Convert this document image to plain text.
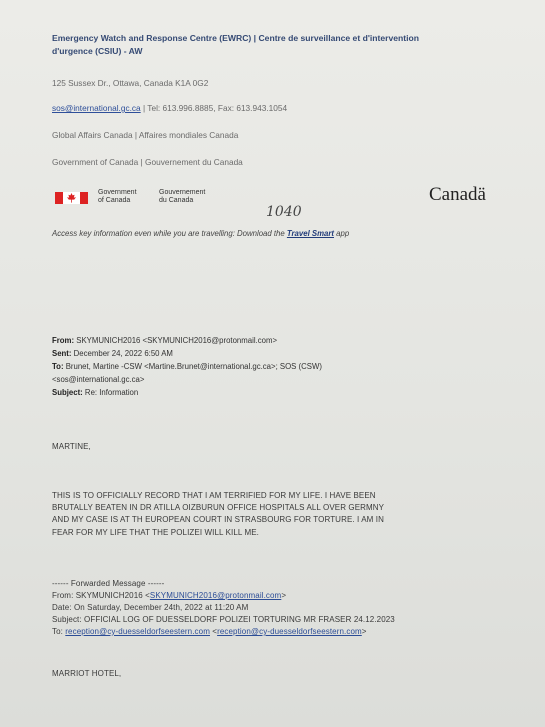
Emergency Watch and Response Centre (EWRC) | Centre de surveillance et d'intervention
d'urgence (CSIU) - AW
125 Sussex Dr., Ottawa, Canada K1A 0G2
sos@international.gc.ca | Tel: 613.996.8885, Fax: 613.943.1054
Global Affairs Canada | Affaires mondiales Canada
Government of Canada | Gouvernement du Canada
Government
of Canada
Gouvernement
du Canada	Canadä
1040
Access key information even while you are travelling: Download the Travel Smart app
From: SKYMUNICH2016 <SKYMUNICH2016@protonmail.com>
Sent: December 24, 2022 6:50 AM
To: Brunet, Martine -CSW <Martine.Brunet@international.gc.ca>; SOS (CSW)
<sos@international.gc.ca>
Subject: Re: Information
MARTINE,
THIS IS TO OFFICIALLY RECORD THAT I AM TERRIFIED FOR MY LIFE. I HAVE BEEN
BRUTALLY BEATEN IN DR ATILLA OIZBURUN OFFICE HOSPITALS ALL OVER GERMNY
AND MY CASE IS AT TH EUROPEAN COURT IN STRASBOURG FOR TORTURE. I AM IN
FEAR FOR MY LIFE THAT THE POLIZEI WILL KILL ME.
------ Forwarded Message ------
From: SKYMUNICH2016 <SKYMUNICH2016@protonmail.com>
Date: On Saturday, December 24th, 2022 at 11:20 AM
Subject: OFFICIAL LOG OF DUESSELDORF POLIZEI TORTURING MR FRASER 24.12.2023
To: reception@cy-duesseldorfseestern.com <reception@cy-duesseldorfseestern.com>
MARRIOT HOTEL,
